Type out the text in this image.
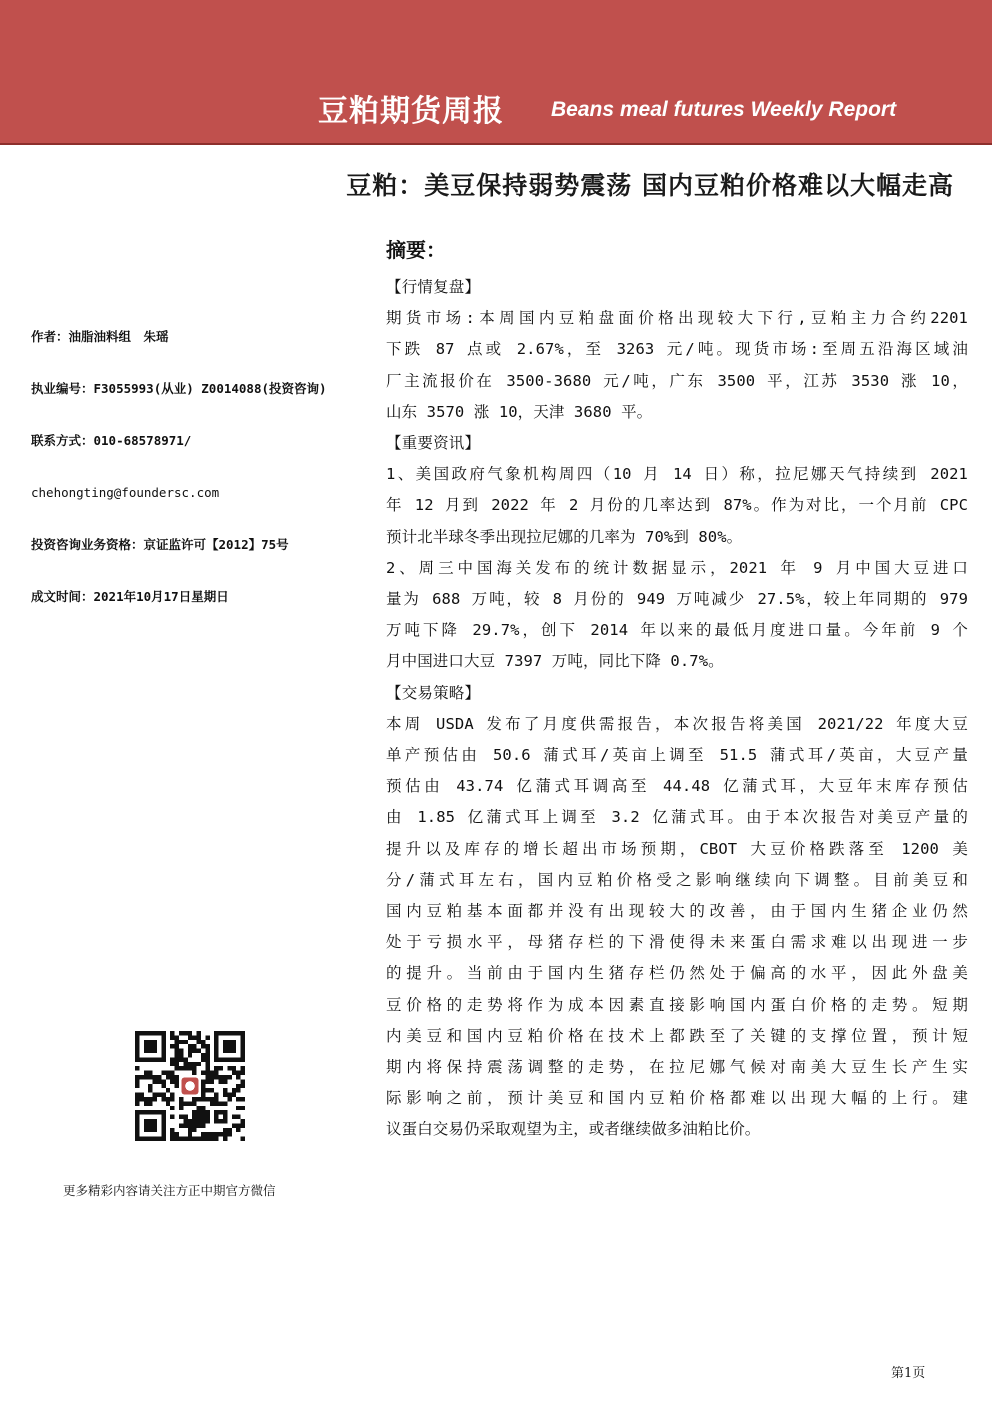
豆粕期货周报 Beans meal futures Weekly Report
豆粕：美豆保持弱势震荡 国内豆粕价格难以大幅走高
作者：油脂油料组　朱瑶
执业编号：F3055993(从业) Z0014088(投资咨询)
联系方式：010-68578971/
chehongting@foundersc.com
投资咨询业务资格：京证监许可【2012】75号
成文时间：2021年10月17日星期日
更多精彩内容请关注方正中期官方微信
摘要：
【行情复盘】
期货市场:本周国内豆粕盘面价格出现较大下行,豆粕主力合约2201
下跌 87 点或 2.67%，至 3263 元/吨。现货市场:至周五沿海区域油
厂主流报价在 3500-3680 元/吨，广东 3500 平，江苏 3530 涨 10，
山东 3570 涨 10，天津 3680 平。
【重要资讯】
1、美国政府气象机构周四（10 月 14 日）称，拉尼娜天气持续到 2021
年 12 月到 2022 年 2 月份的几率达到 87%。作为对比，一个月前 CPC
预计北半球冬季出现拉尼娜的几率为 70%到 80%。
2、周三中国海关发布的统计数据显示，2021 年 9 月中国大豆进口
量为 688 万吨，较 8 月份的 949 万吨减少 27.5%，较上年同期的 979
万吨下降 29.7%，创下 2014 年以来的最低月度进口量。今年前 9 个
月中国进口大豆 7397 万吨，同比下降 0.7%。
【交易策略】
本周 USDA 发布了月度供需报告，本次报告将美国 2021/22 年度大豆
单产预估由 50.6 蒲式耳/英亩上调至 51.5 蒲式耳/英亩，大豆产量
预估由 43.74 亿蒲式耳调高至 44.48 亿蒲式耳，大豆年末库存预估
由 1.85 亿蒲式耳上调至 3.2 亿蒲式耳。由于本次报告对美豆产量的
提升以及库存的增长超出市场预期，CBOT 大豆价格跌落至 1200 美
分/蒲式耳左右，国内豆粕价格受之影响继续向下调整。目前美豆和
国内豆粕基本面都并没有出现较大的改善，由于国内生猪企业仍然
处于亏损水平，母猪存栏的下滑使得未来蛋白需求难以出现进一步
的提升。当前由于国内生猪存栏仍然处于偏高的水平，因此外盘美
豆价格的走势将作为成本因素直接影响国内蛋白价格的走势。短期
内美豆和国内豆粕价格在技术上都跌至了关键的支撑位置，预计短
期内将保持震荡调整的走势，在拉尼娜气候对南美大豆生长产生实
际影响之前，预计美豆和国内豆粕价格都难以出现大幅的上行。建
议蛋白交易仍采取观望为主，或者继续做多油粕比价。
第1页
